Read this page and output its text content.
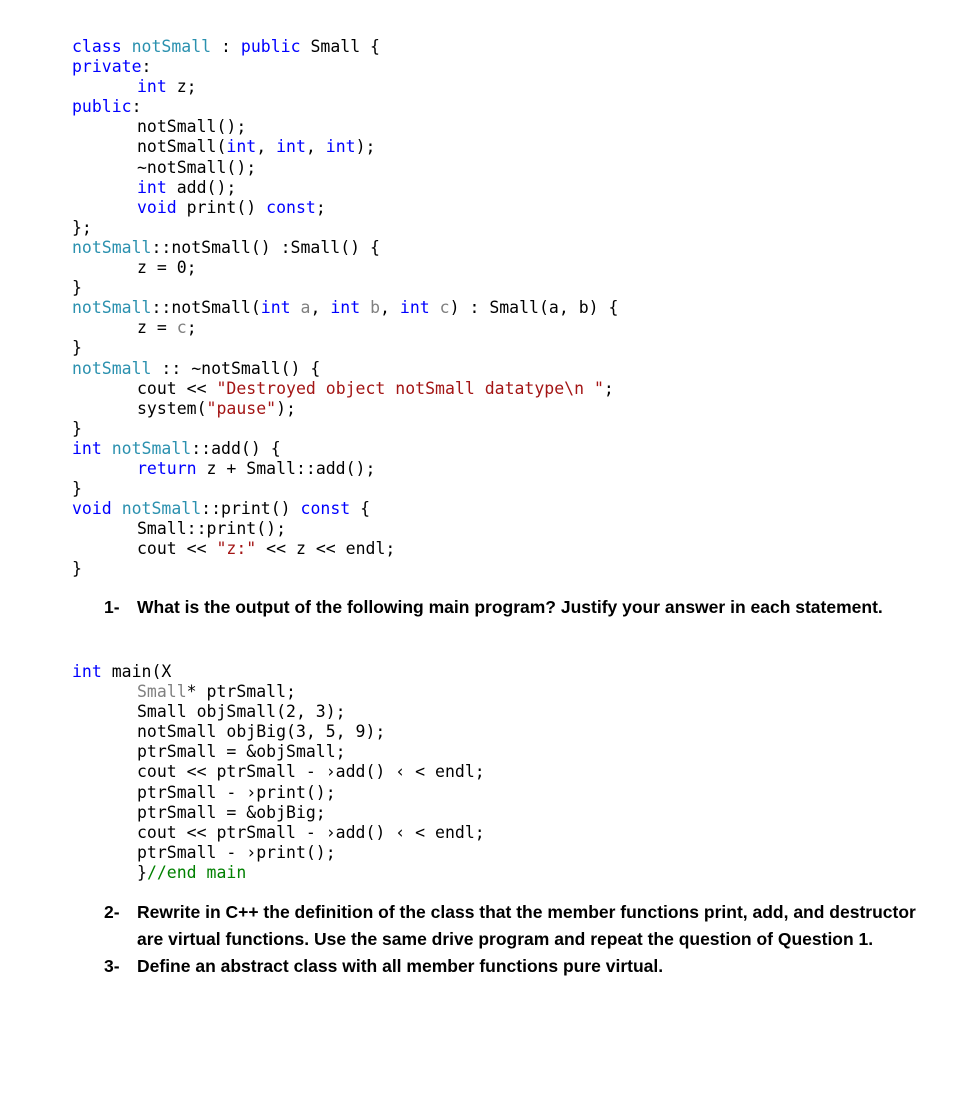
class notSmall : public Small {
private:
int z;
public:
notSmall();
notSmall(int, int, int);
~notSmall();
int add();
void print() const;
};
notSmall::notSmall() :Small() {
z = 0;
}
notSmall::notSmall(int a, int b, int c) : Small(a, b) {
z = c;
}
notSmall :: ~notSmall() {
cout << "Destroyed object notSmall datatype\n ";
system("pause");
}
int notSmall::add() {
return z + Small::add();
}
void notSmall::print() const {
Small::print();
cout << "z:" << z << endl;
}
1- What is the output of the following main program? Justify your answer in each statement.
int main(X
Small* ptrSmall;
Small objSmall(2, 3);
notSmall objBig(3, 5, 9);
ptrSmall = &objSmall;
cout << ptrSmall - ›add() ‹ < endl;
ptrSmall - ›print();
ptrSmall = &objBig;
cout << ptrSmall - ›add() ‹ < endl;
ptrSmall - ›print();
}//end main
2- Rewrite in C++ the definition of the class that the member functions print, add, and destructor are virtual functions. Use the same drive program and repeat the question of Question 1.
3- Define an abstract class with all member functions pure virtual.
